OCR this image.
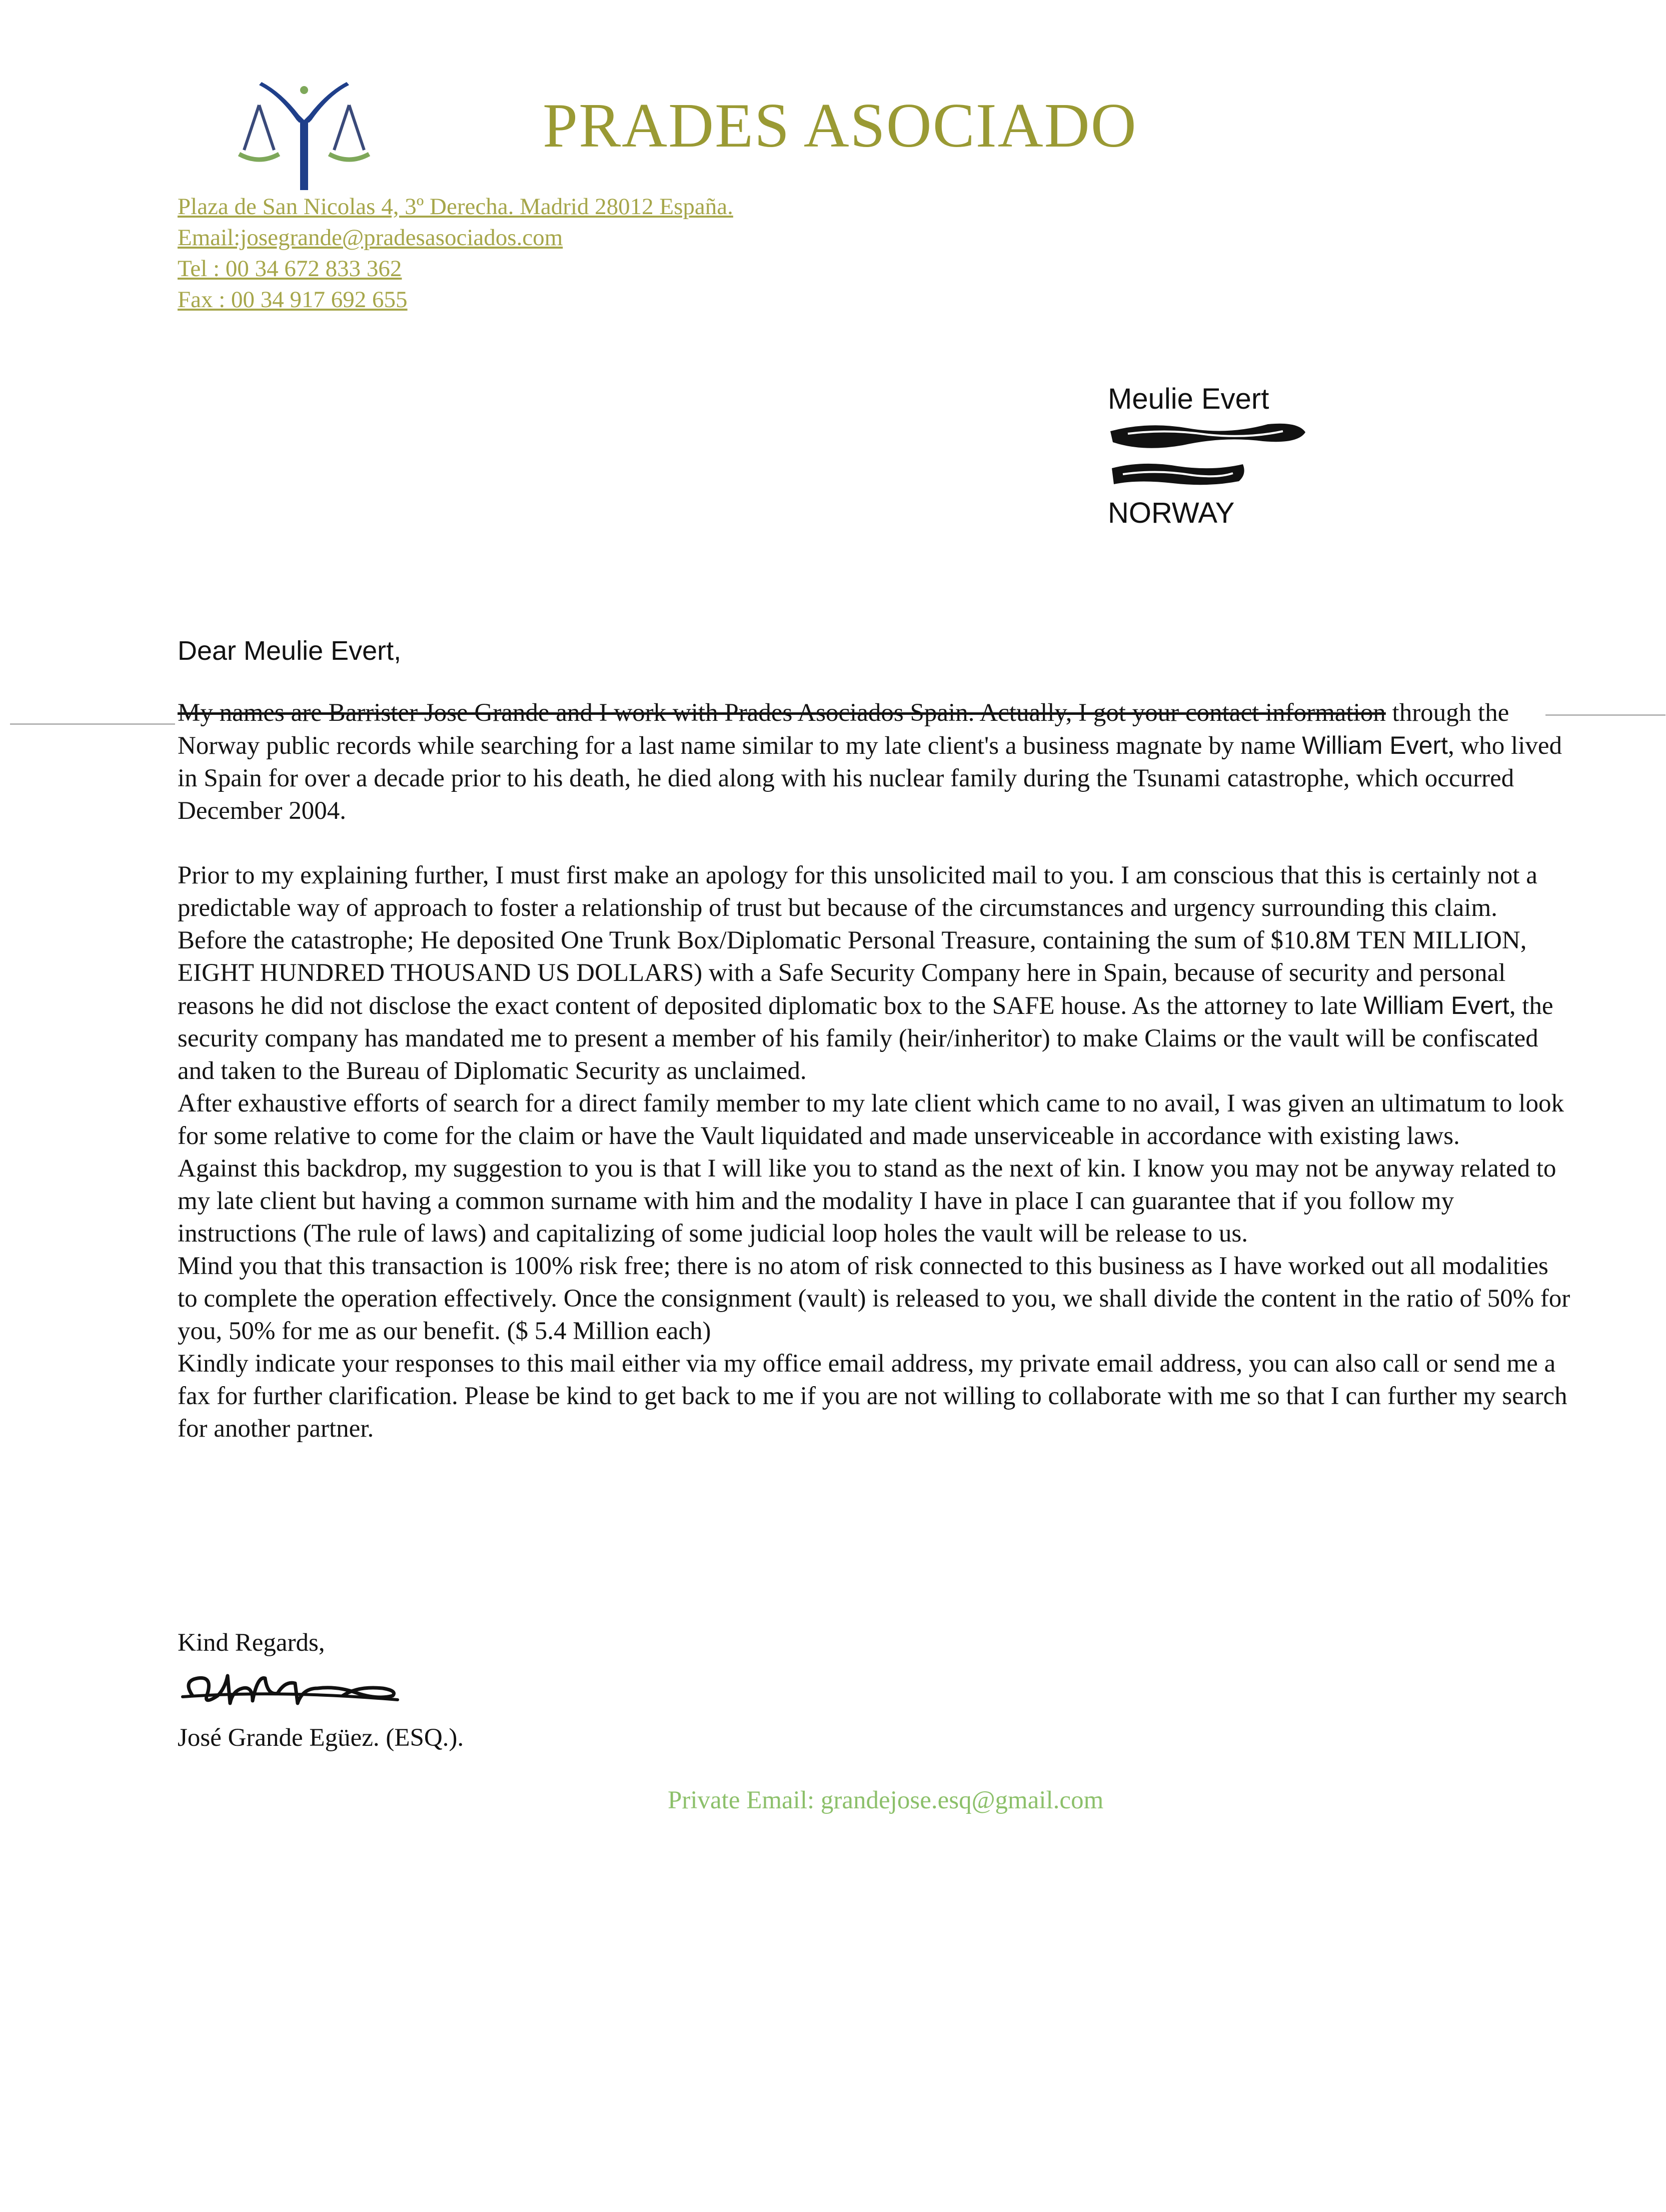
PRADES ASOCIADO
Plaza de San Nicolas 4, 3º Derecha. Madrid 28012 España.
Email:josegrande@pradesasociados.com
Tel : 00 34 672 833 362
Fax : 00 34 917 692 655
Meulie Evert
NORWAY
Dear Meulie Evert,

My names are Barrister Jose Grande and I work with Prades Asociados Spain. Actually, I got your contact information through the Norway public records while searching for a last name similar to my late client's a business magnate by name William Evert, who lived in Spain for over a decade prior to his death, he died along with his nuclear family during the Tsunami catastrophe, which occurred December 2004.

Prior to my explaining further, I must first make an apology for this unsolicited mail to you. I am conscious that this is certainly not a predictable way of approach to foster a relationship of trust but because of the circumstances and urgency surrounding this claim.

Before the catastrophe; He deposited One Trunk Box/Diplomatic Personal Treasure, containing the sum of $10.8M TEN MILLION, EIGHT HUNDRED THOUSAND US DOLLARS) with a Safe Security Company here in Spain, because of security and personal reasons he did not disclose the exact content of deposited diplomatic box to the SAFE house. As the attorney to late William Evert, the security company has mandated me to present a member of his family (heir/inheritor) to make Claims or the vault will be confiscated and taken to the Bureau of Diplomatic Security as unclaimed.

After exhaustive efforts of search for a direct family member to my late client which came to no avail, I was given an ultimatum to look for some relative to come for the claim or have the Vault liquidated and made unserviceable in accordance with existing laws.

Against this backdrop, my suggestion to you is that I will like you to stand as the next of kin. I know you may not be anyway related to my late client but having a common surname with him and the modality I have in place I can guarantee that if you follow my instructions (The rule of laws) and capitalizing of some judicial loop holes the vault will be release to us.

Mind you that this transaction is 100% risk free; there is no atom of risk connected to this business as I have worked out all modalities to complete the operation effectively. Once the consignment (vault) is released to you, we shall divide the content in the ratio of 50% for you, 50% for me as our benefit. ($ 5.4 Million each)

Kindly indicate your responses to this mail either via my office email address, my private email address, you can also call or send me a fax for further clarification. Please be kind to get back to me if you are not willing to collaborate with me so that I can further my search for another partner.

Kind Regards,
José Grande Egüez. (ESQ.).
Private Email: grandejose.esq@gmail.com
